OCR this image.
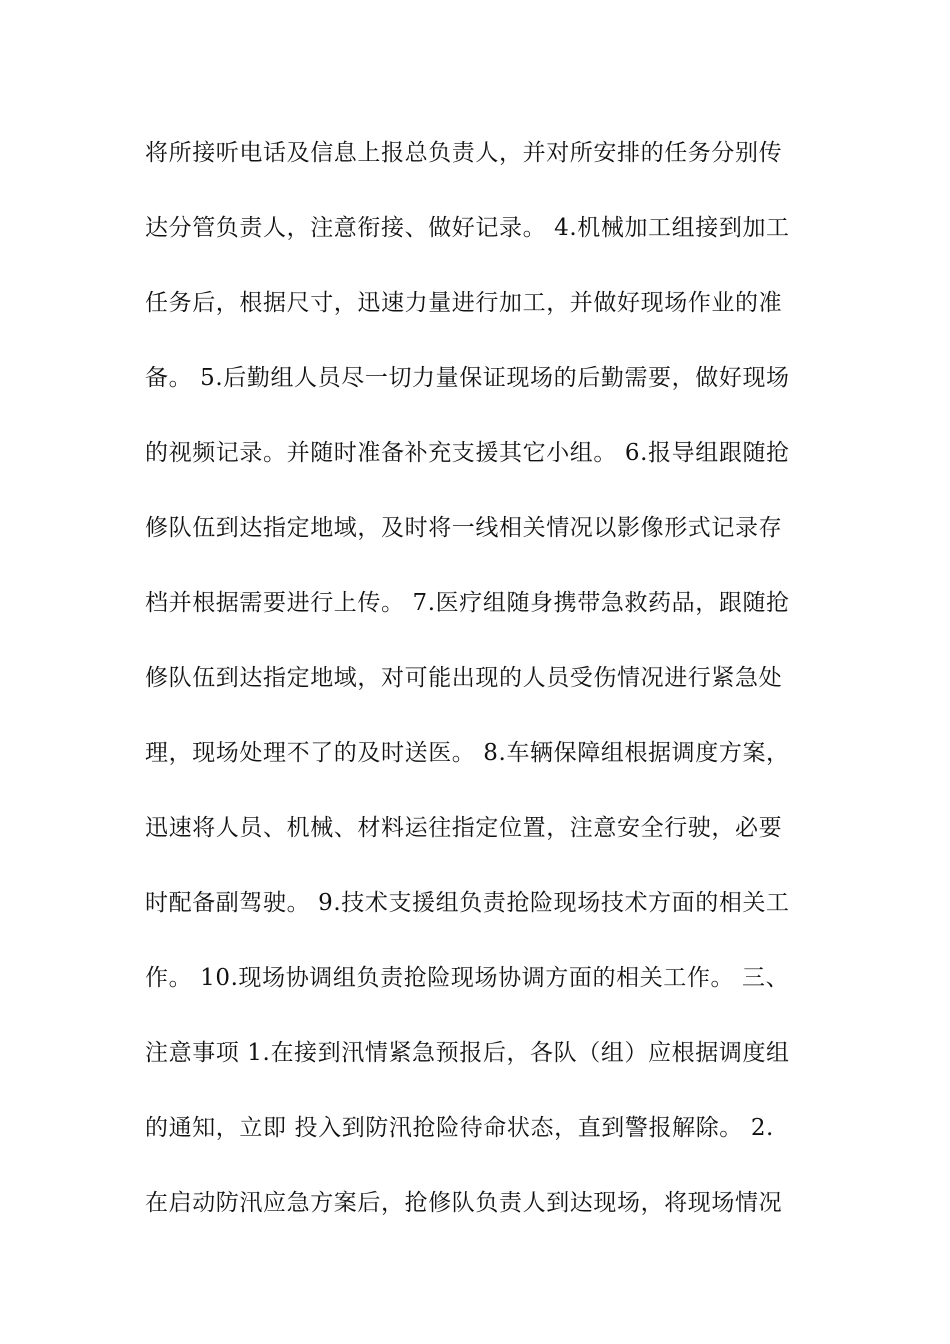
将所接听电话及信息上报总负责人，并对所安排的任务分别传
达分管负责人，注意衔接、做好记录。 4.机械加工组接到加工
任务后，根据尺寸，迅速力量进行加工，并做好现场作业的准
备。 5.后勤组人员尽一切力量保证现场的后勤需要，做好现场
的视频记录。并随时准备补充支援其它小组。 6.报导组跟随抢
修队伍到达指定地域，及时将一线相关情况以影像形式记录存
档并根据需要进行上传。 7.医疗组随身携带急救药品，跟随抢
修队伍到达指定地域，对可能出现的人员受伤情况进行紧急处
理，现场处理不了的及时送医。 8.车辆保障组根据调度方案，
迅速将人员、机械、材料运往指定位置，注意安全行驶，必要
时配备副驾驶。 9.技术支援组负责抢险现场技术方面的相关工
作。 10.现场协调组负责抢险现场协调方面的相关工作。 三、
注意事项 1.在接到汛情紧急预报后，各队（组）应根据调度组
的通知，立即 投入到防汛抢险待命状态，直到警报解除。 2.
在启动防汛应急方案后，抢修队负责人到达现场，将现场情况
